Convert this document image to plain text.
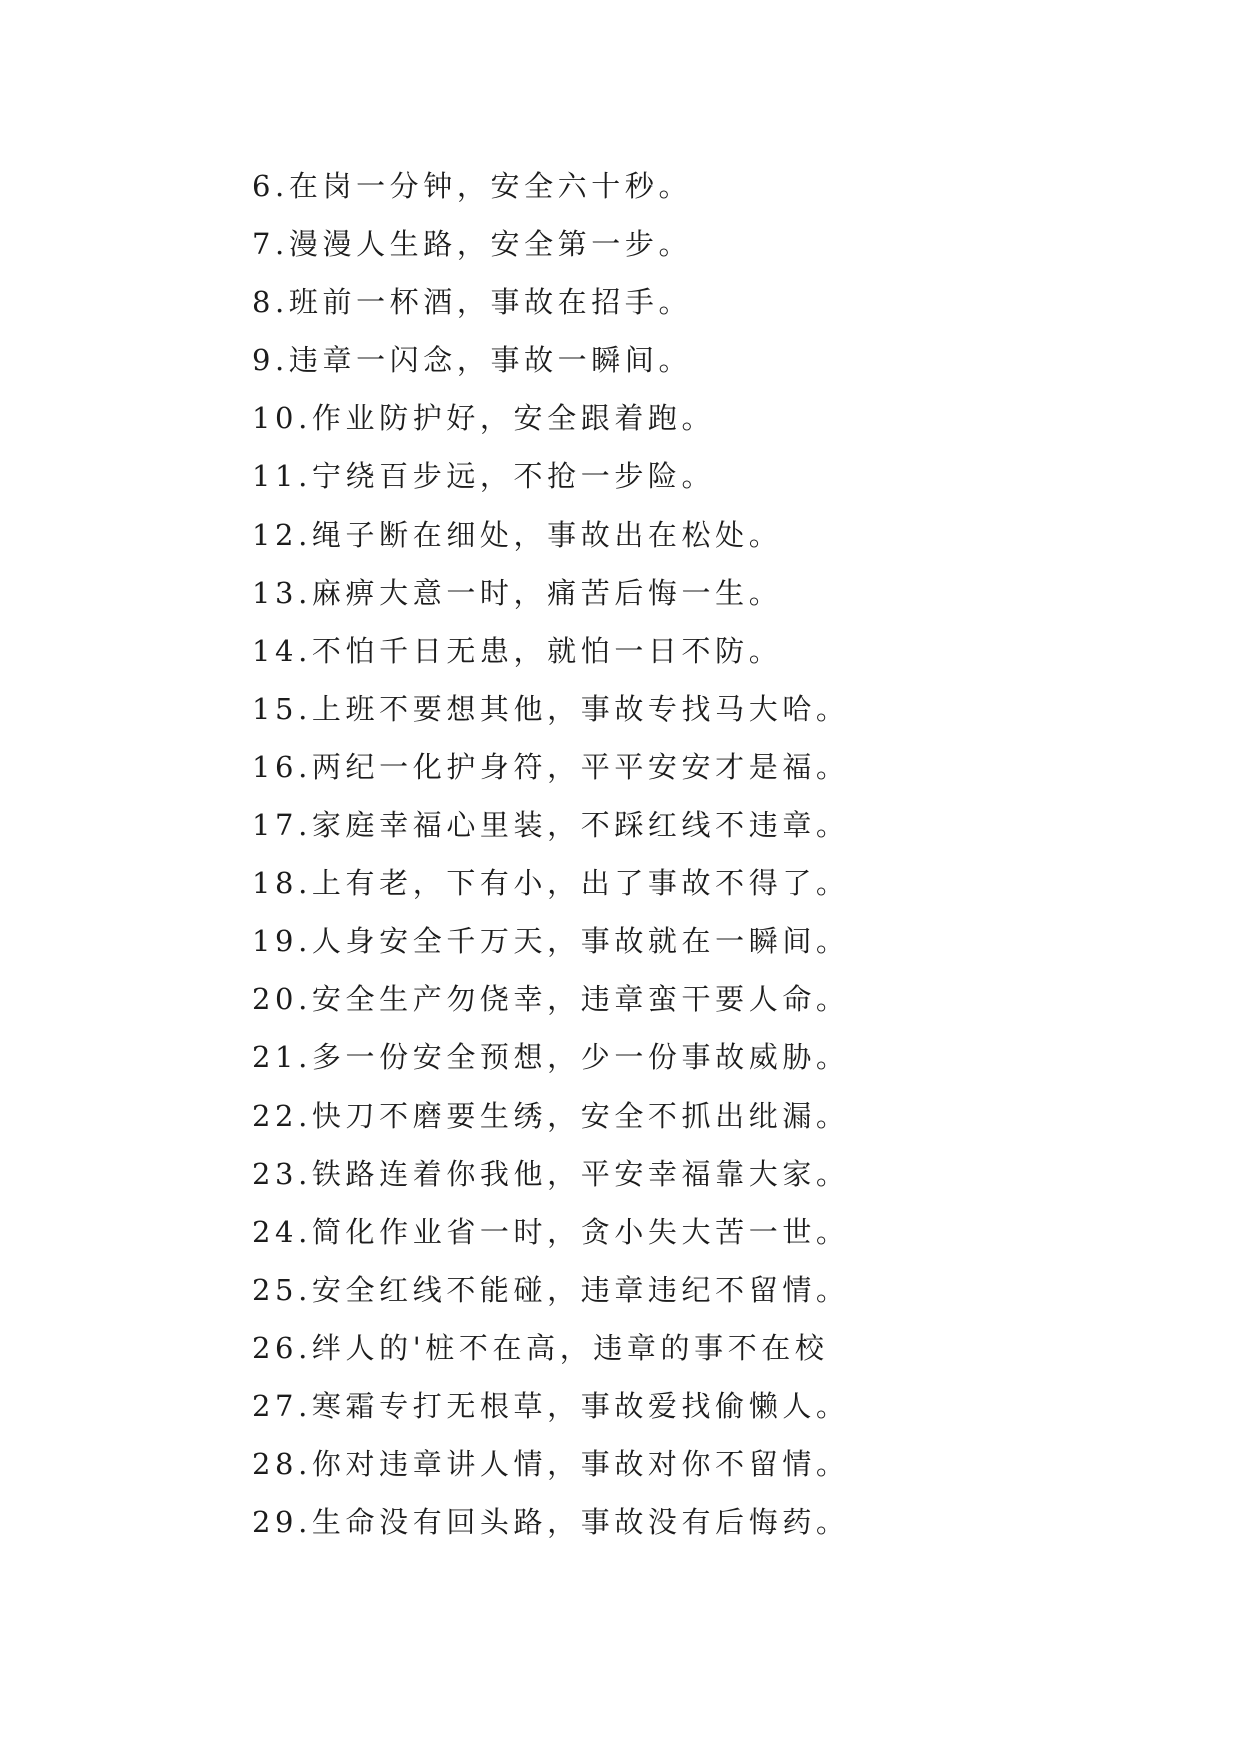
6.在岗一分钟，安全六十秒。
7.漫漫人生路，安全第一步。
8.班前一杯酒，事故在招手。
9.违章一闪念，事故一瞬间。
10.作业防护好，安全跟着跑。
11.宁绕百步远，不抢一步险。
12.绳子断在细处，事故出在松处。
13.麻痹大意一时，痛苦后悔一生。
14.不怕千日无患，就怕一日不防。
15.上班不要想其他，事故专找马大哈。
16.两纪一化护身符，平平安安才是福。
17.家庭幸福心里装，不踩红线不违章。
18.上有老，下有小，出了事故不得了。
19.人身安全千万天，事故就在一瞬间。
20.安全生产勿侥幸，违章蛮干要人命。
21.多一份安全预想，少一份事故威胁。
22.快刀不磨要生绣，安全不抓出纰漏。
23.铁路连着你我他，平安幸福靠大家。
24.简化作业省一时，贪小失大苦一世。
25.安全红线不能碰，违章违纪不留情。
26.绊人的'桩不在高，违章的事不在校
27.寒霜专打无根草，事故爱找偷懒人。
28.你对违章讲人情，事故对你不留情。
29.生命没有回头路，事故没有后悔药。
